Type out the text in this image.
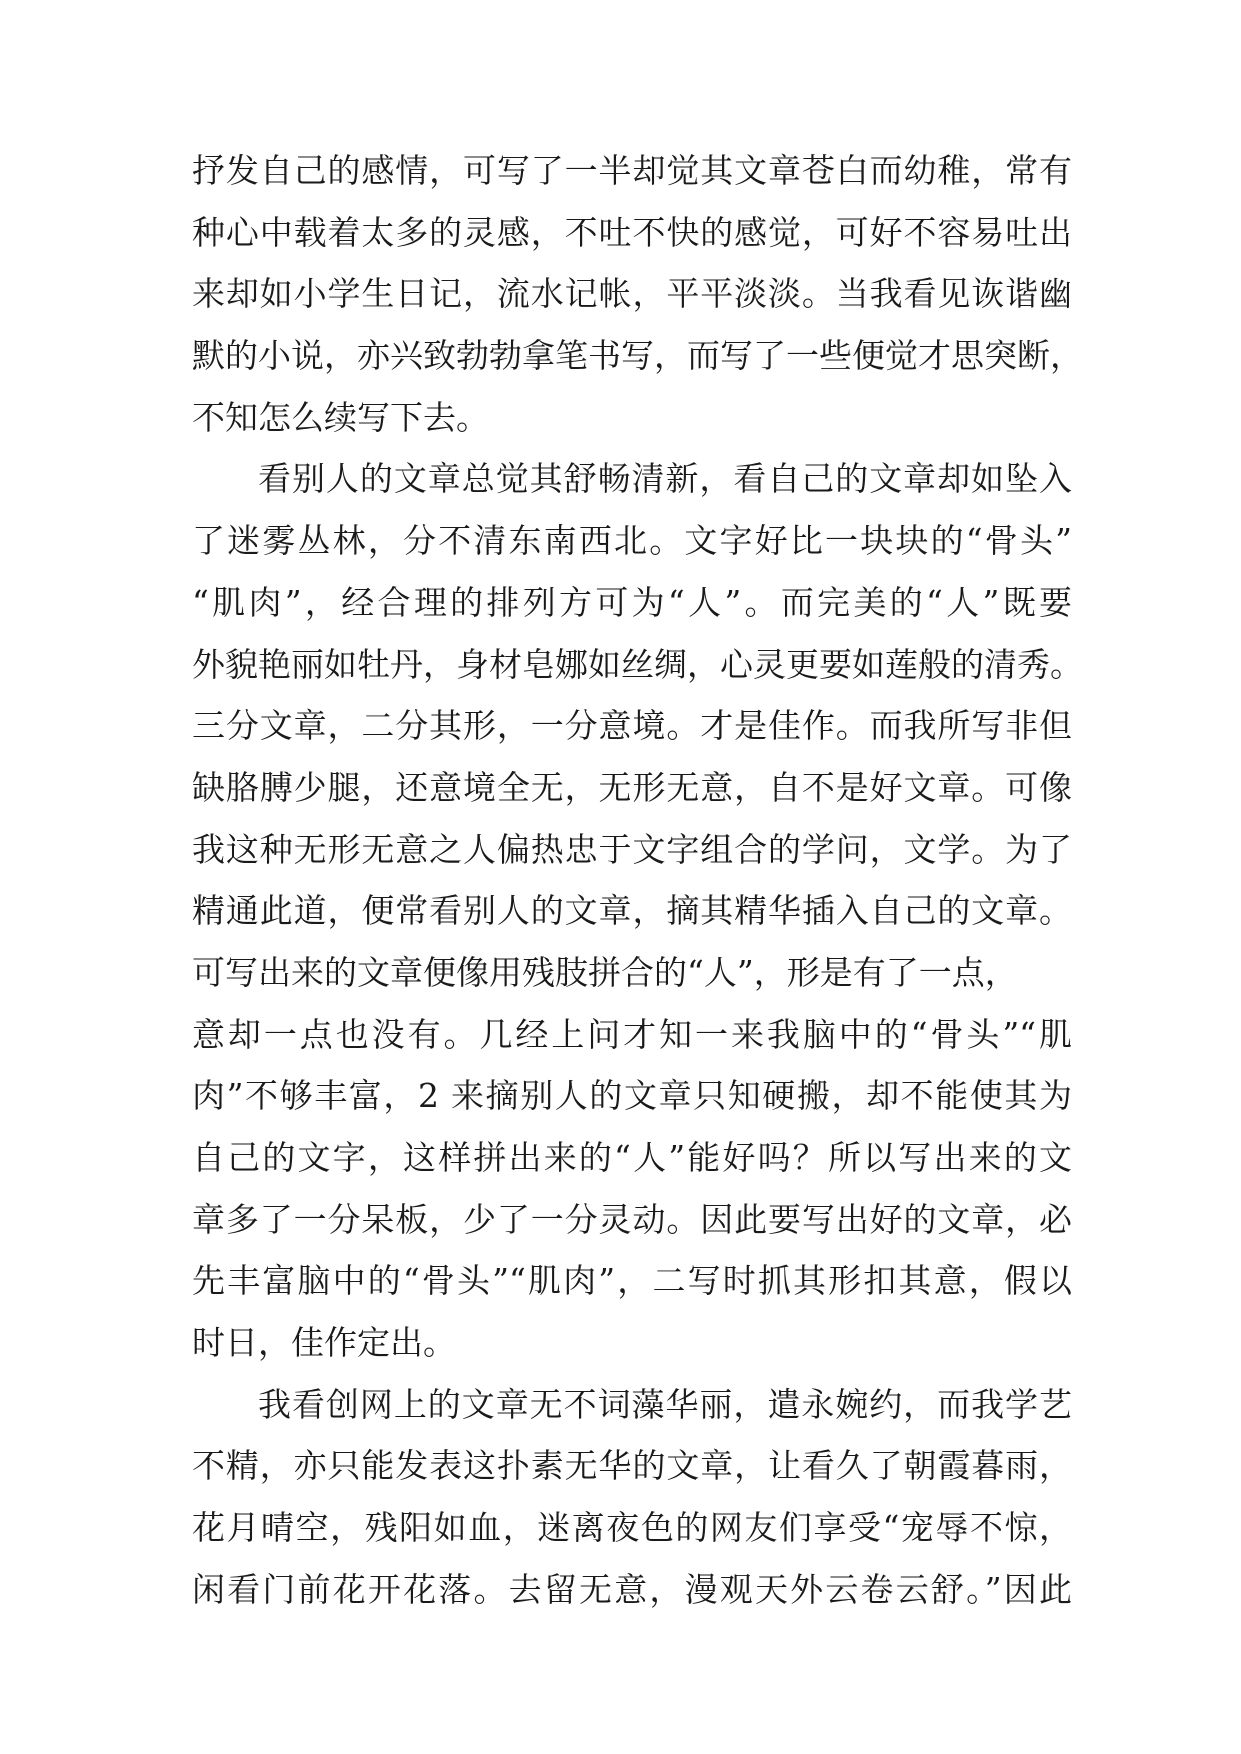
抒发自己的感情，可写了一半却觉其文章苍白而幼稚，常有
种心中载着太多的灵感，不吐不快的感觉，可好不容易吐出
来却如小学生日记，流水记帐，平平淡淡。当我看见诙谐幽
默的小说，亦兴致勃勃拿笔书写，而写了一些便觉才思突断，
不知怎么续写下去。
看别人的文章总觉其舒畅清新，看自己的文章却如坠入
了迷雾丛林，分不清东南西北。文字好比一块块的“骨头”
“肌肉”，经合理的排列方可为“人”。而完美的“人”既要
外貌艳丽如牡丹，身材皂娜如丝绸，心灵更要如莲般的清秀。
三分文章，二分其形，一分意境。才是佳作。而我所写非但
缺胳膊少腿，还意境全无，无形无意，自不是好文章。可像
我这种无形无意之人偏热忠于文字组合的学问，文学。为了
精通此道，便常看别人的文章，摘其精华插入自己的文章。
可写出来的文章便像用残肢拼合的“人”，形是有了一点，
意却一点也没有。几经上问才知一来我脑中的“骨头”“肌
肉”不够丰富，2 来摘别人的文章只知硬搬，却不能使其为
自己的文字，这样拼出来的“人”能好吗？所以写出来的文
章多了一分呆板，少了一分灵动。因此要写出好的文章，必
先丰富脑中的“骨头”“肌肉”，二写时抓其形扣其意，假以
时日，佳作定出。
我看创网上的文章无不词藻华丽，遣永婉约，而我学艺
不精，亦只能发表这扑素无华的文章，让看久了朝霞暮雨，
花月晴空，残阳如血，迷离夜色的网友们享受“宠辱不惊，
闲看门前花开花落。去留无意，漫观天外云卷云舒。”因此
